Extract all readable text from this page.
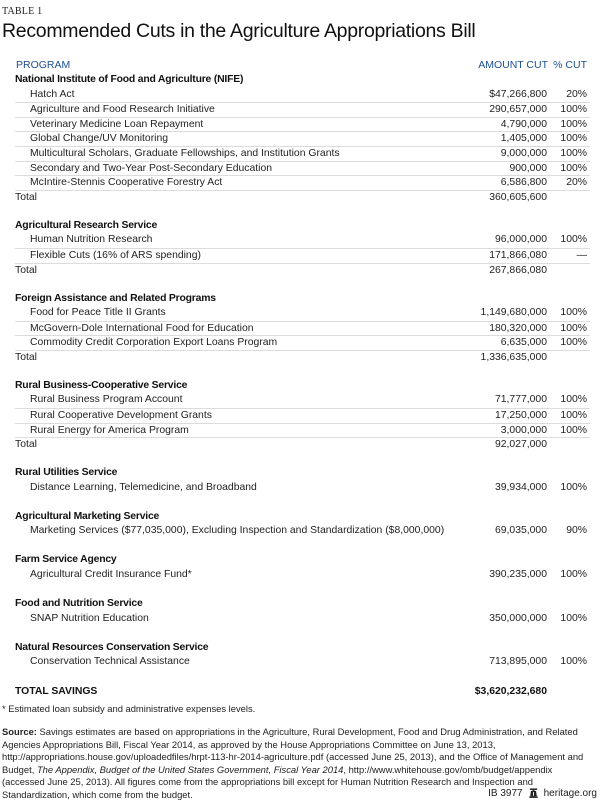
TABLE 1
Recommended Cuts in the Agriculture Appropriations Bill
PROGRAM	AMOUNT CUT % CUT
National Institute of Food and Agriculture (NIFE)
Hatch Act	$47,266,800 20%
Agriculture and Food Research Initiative	290,657,000 100%
Veterinary Medicine Loan Repayment	4,790,000 100%
Global Change/UV Monitoring	1,405,000 100%
Multicultural Scholars, Graduate Fellowships, and Institution Grants	9,000,000 100%
Secondary and Two-Year Post-Secondary Education	900,000 100%
McIntire-Stennis Cooperative Forestry Act	6,586,800 20%
Total	360,605,600
Agricultural Research Service
Human Nutrition Research	96,000,000 100%
Flexible Cuts (16% of ARS spending)	171,866,080	—
Total	267,866,080
Foreign Assistance and Related Programs
Food for Peace Title II Grants	1,149,680,000 100%
McGovern-Dole International Food for Education	180,320,000 100%
Commodity Credit Corporation Export Loans Program	6,635,000 100%
Total	1,336,635,000
Rural Business-Cooperative Service
Rural Business Program Account	71,777,000 100%
Rural Cooperative Development Grants	17,250,000 100%
Rural Energy for America Program	3,000,000 100%
Total	92,027,000
Rural Utilities Service
Distance Learning, Telemedicine, and Broadband	39,934,000 100%
Agricultural Marketing Service
Marketing Services ($77,035,000), Excluding Inspection and Standardization ($8,000,000)	69,035,000 90%
Farm Service Agency
Agricultural Credit Insurance Fund*	390,235,000 100%
Food and Nutrition Service
SNAP Nutrition Education	350,000,000 100%
Natural Resources Conservation Service
Conservation Technical Assistance	713,895,000 100%
TOTAL SAVINGS	$3,620,232,680
* Estimated loan subsidy and administrative expenses levels.
Source: Savings estimates are based on appropriations in the Agriculture, Rural Development, Food and Drug Administration, and Related Agencies Appropriations Bill, Fiscal Year 2014, as approved by the House Appropriations Committee on June 13, 2013, http://appropriations.house.gov/uploadedfiles/hrpt-113-hr-2014-agriculture.pdf (accessed June 25, 2013), and the Office of Management and Budget, The Appendix, Budget of the United States Government, Fiscal Year 2014, http://www.whitehouse.gov/omb/budget/appendix (accessed June 25, 2013). All figures come from the appropriations bill except for Human Nutrition Research and Inspection and Standardization, which come from the budget.	IB 3977 heritage.org
